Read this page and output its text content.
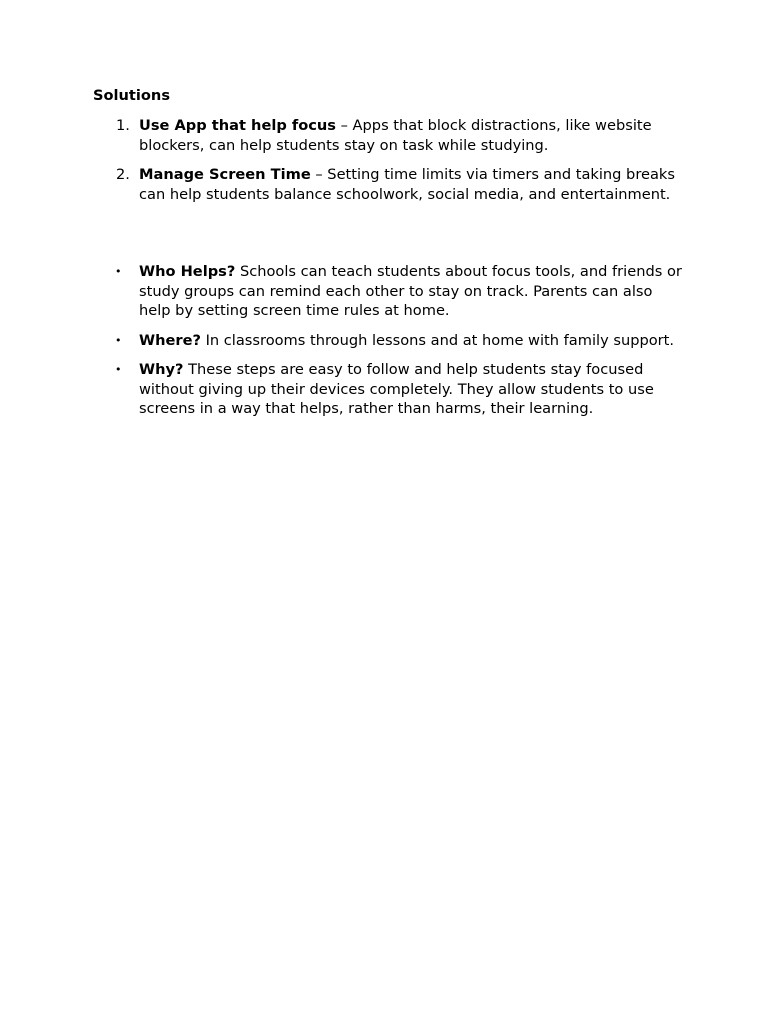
Solutions

1. Use App that help focus – Apps that block distractions, like website blockers, can help students stay on task while studying.
2. Manage Screen Time – Setting time limits via timers and taking breaks can help students balance schoolwork, social media, and entertainment.
• Who Helps? Schools can teach students about focus tools, and friends or study groups can remind each other to stay on track. Parents can also help by setting screen time rules at home.
• Where? In classrooms through lessons and at home with family support.
• Why? These steps are easy to follow and help students stay focused without giving up their devices completely. They allow students to use screens in a way that helps, rather than harms, their learning.
